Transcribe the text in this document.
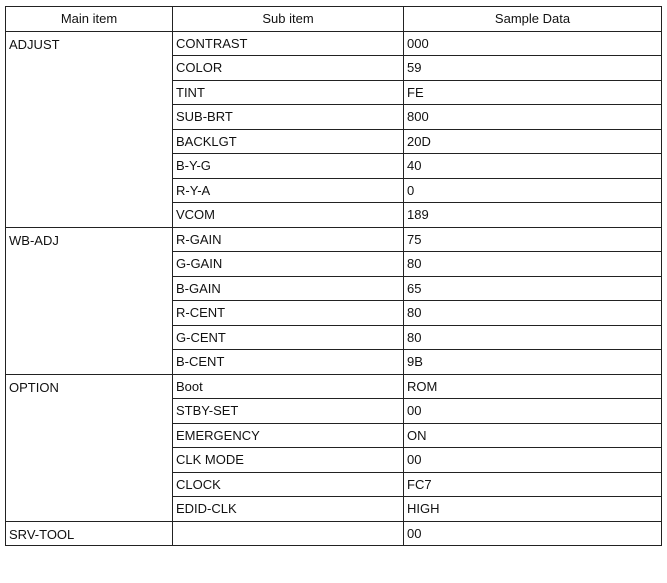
Main item	Sub item	Sample Data
ADJUST	CONTRAST	000
	COLOR	59
	TINT	FE
	SUB-BRT	800
	BACKLGT	20D
	B-Y-G	40
	R-Y-A	0
	VCOM	189
WB-ADJ	R-GAIN	75
	G-GAIN	80
	B-GAIN	65
	R-CENT	80
	G-CENT	80
	B-CENT	9B
OPTION	Boot	ROM
	STBY-SET	00
	EMERGENCY	ON
	CLK MODE	00
	CLOCK	FC7
	EDID-CLK	HIGH
SRV-TOOL		00
